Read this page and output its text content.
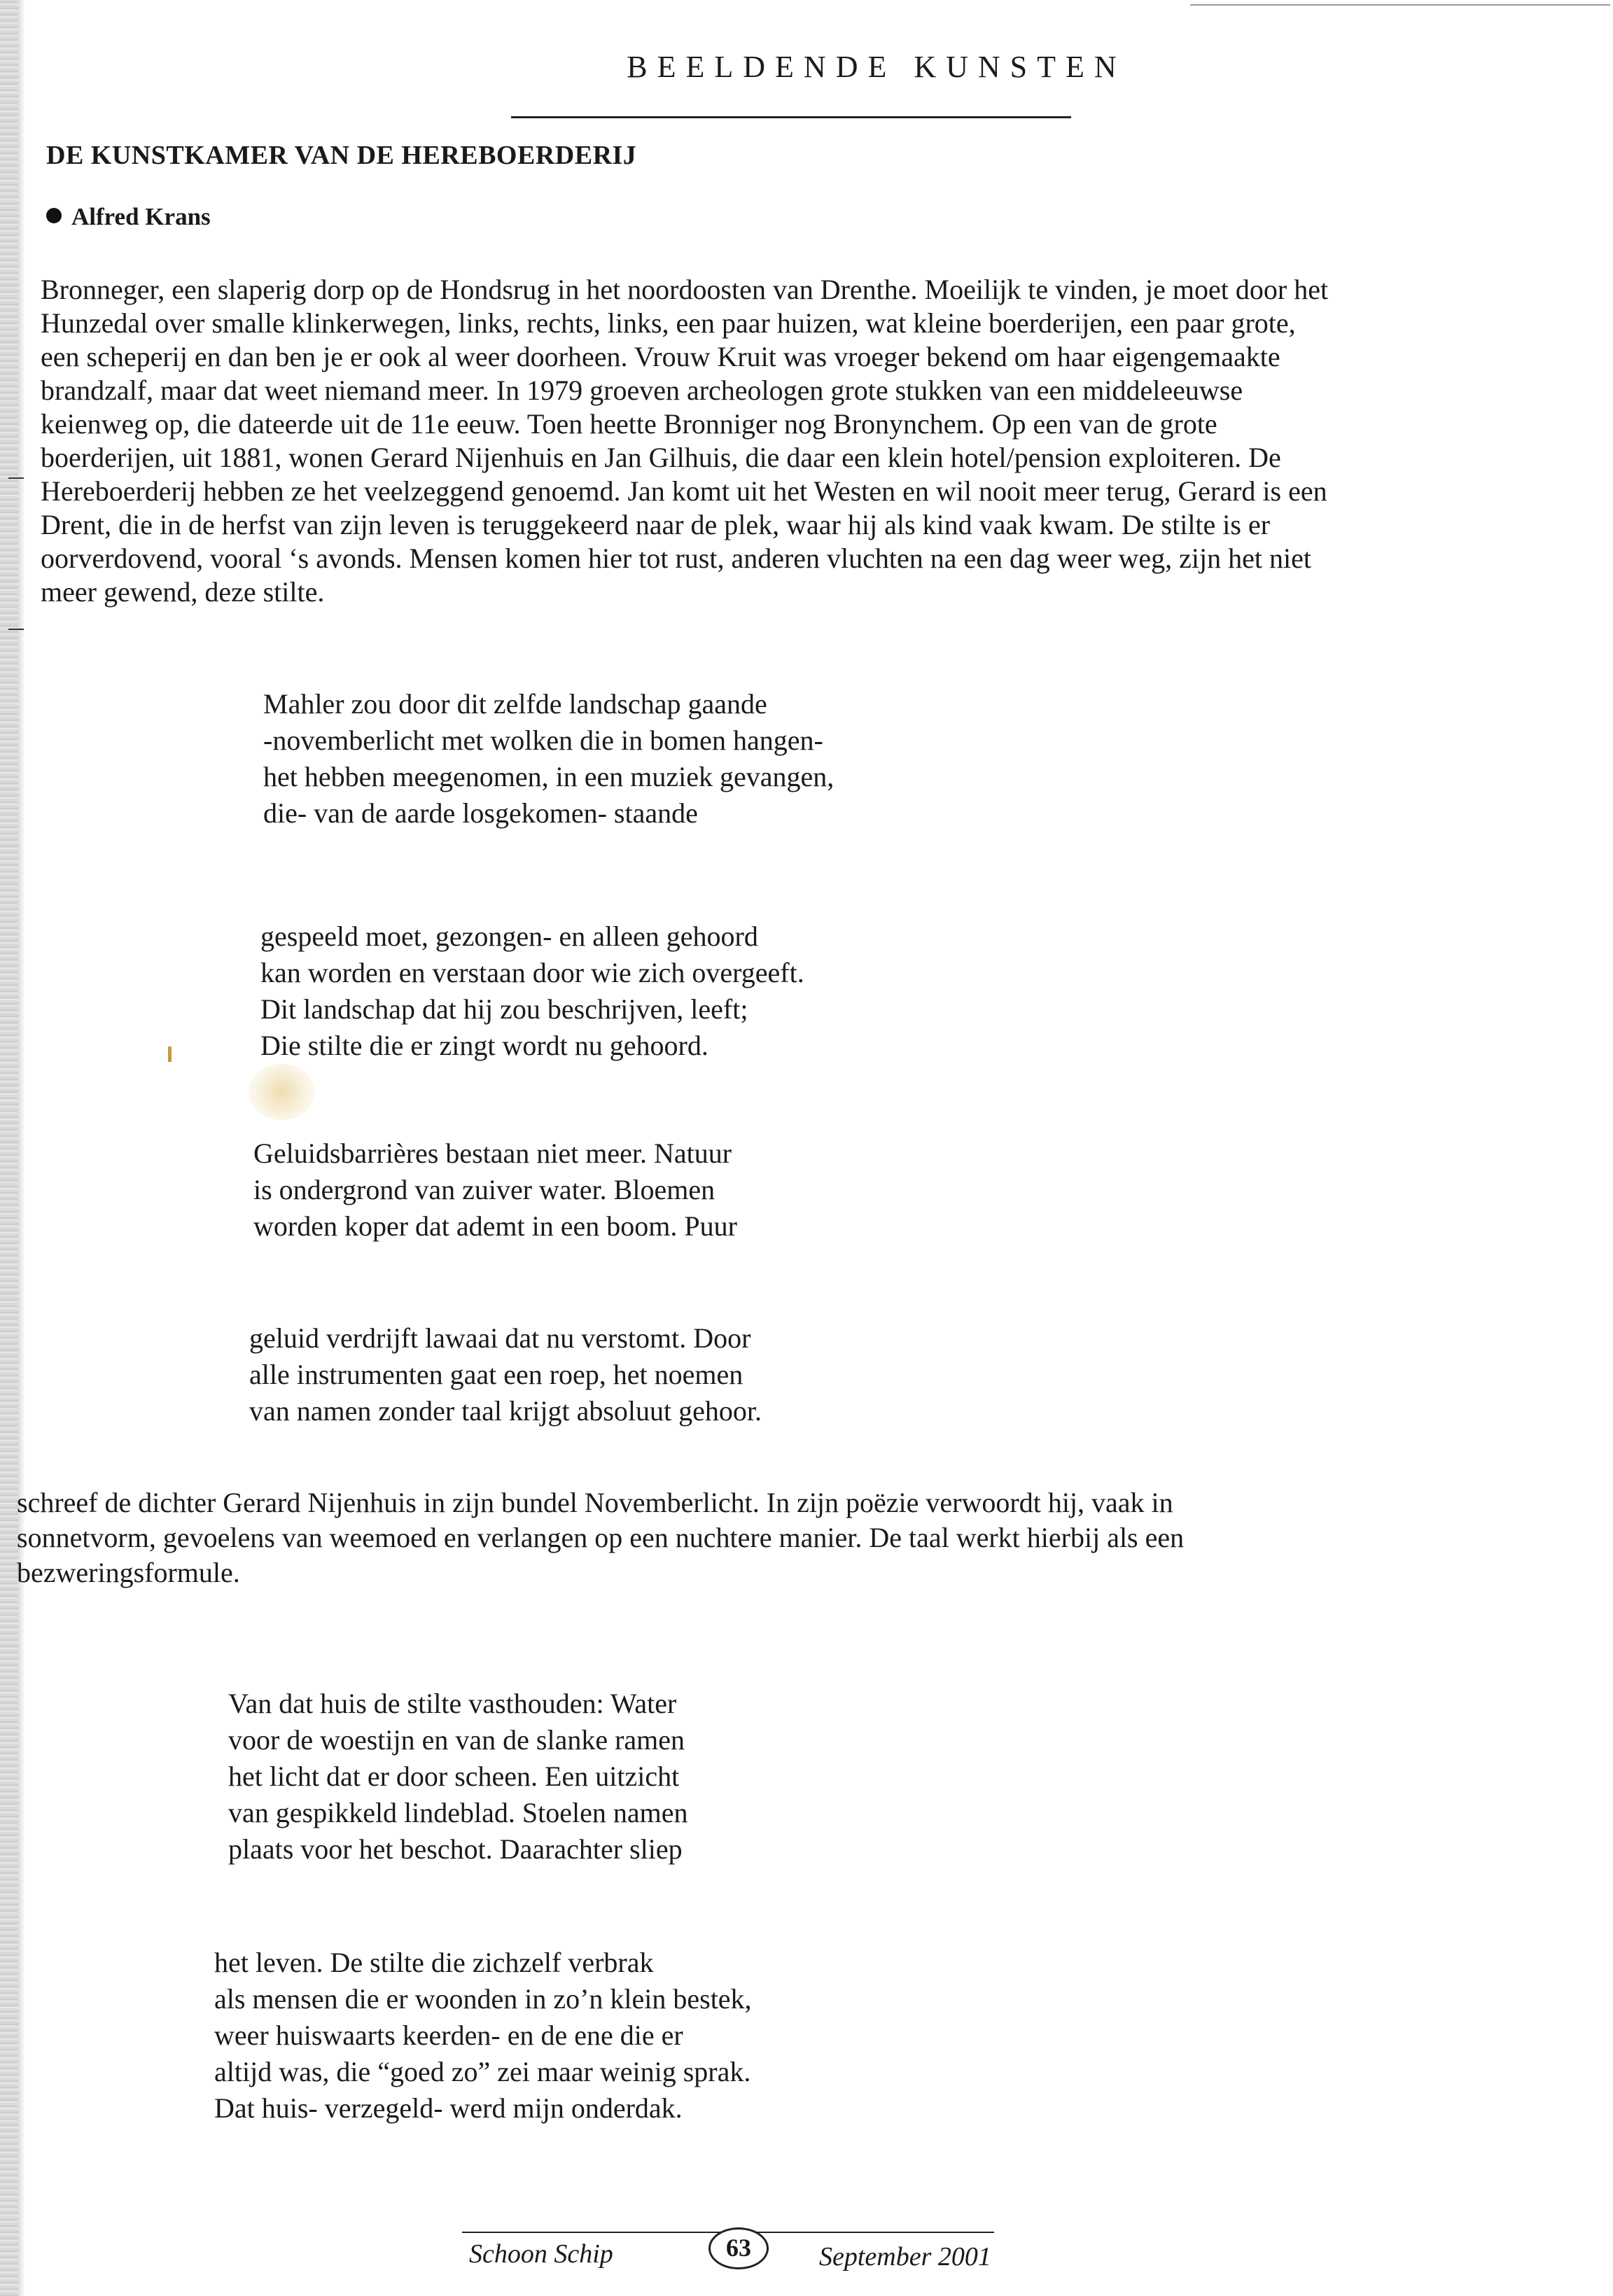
BEELDENDE KUNSTEN
DE KUNSTKAMER VAN DE HEREBOERDERIJ
Alfred Krans
Bronneger, een slaperig dorp op de Hondsrug in het noordoosten van Drenthe. Moeilijk te vinden, je moet door het
Hunzedal over smalle klinkerwegen, links, rechts, links, een paar huizen, wat kleine boerderijen, een paar grote,
een scheperij en dan ben je er ook al weer doorheen. Vrouw Kruit was vroeger bekend om haar eigengemaakte
brandzalf, maar dat weet niemand meer. In 1979 groeven archeologen grote stukken van een middeleeuwse
keienweg op, die dateerde uit de 11e eeuw. Toen heette Bronniger nog Bronynchem. Op een van de grote
boerderijen, uit 1881, wonen Gerard Nijenhuis en Jan Gilhuis, die daar een klein hotel/pension exploiteren. De
Hereboerderij hebben ze het veelzeggend genoemd. Jan komt uit het Westen en wil nooit meer terug, Gerard is een
Drent, die in de herfst van zijn leven is teruggekeerd naar de plek, waar hij als kind vaak kwam. De stilte is er
oorverdovend, vooral ‘s avonds. Mensen komen hier tot rust, anderen vluchten na een dag weer weg, zijn het niet
meer gewend, deze stilte.
Mahler zou door dit zelfde landschap gaande
-novemberlicht met wolken die in bomen hangen-
het hebben meegenomen, in een muziek gevangen,
die- van de aarde losgekomen- staande
gespeeld moet, gezongen- en alleen gehoord
kan worden en verstaan door wie zich overgeeft.
Dit landschap dat hij zou beschrijven, leeft;
Die stilte die er zingt wordt nu gehoord.
Geluidsbarrières bestaan niet meer. Natuur
is ondergrond van zuiver water. Bloemen
worden koper dat ademt in een boom. Puur
geluid verdrijft lawaai dat nu verstomt. Door
alle instrumenten gaat een roep, het noemen
van namen zonder taal krijgt absoluut gehoor.
schreef de dichter Gerard Nijenhuis in zijn bundel Novemberlicht. In zijn poëzie verwoordt hij, vaak in
sonnetvorm, gevoelens van weemoed en verlangen op een nuchtere manier. De taal werkt hierbij als een
bezweringsformule.
Van dat huis de stilte vasthouden: Water
voor de woestijn en van de slanke ramen
het licht dat er door scheen. Een uitzicht
van gespikkeld lindeblad. Stoelen namen
plaats voor het beschot. Daarachter sliep
het leven. De stilte die zichzelf verbrak
als mensen die er woonden in zo’n klein bestek,
weer huiswaarts keerden- en de ene die er
altijd was, die “goed zo” zei maar weinig sprak.
Dat huis- verzegeld- werd mijn onderdak.
Schoon Schip	63	September 2001
